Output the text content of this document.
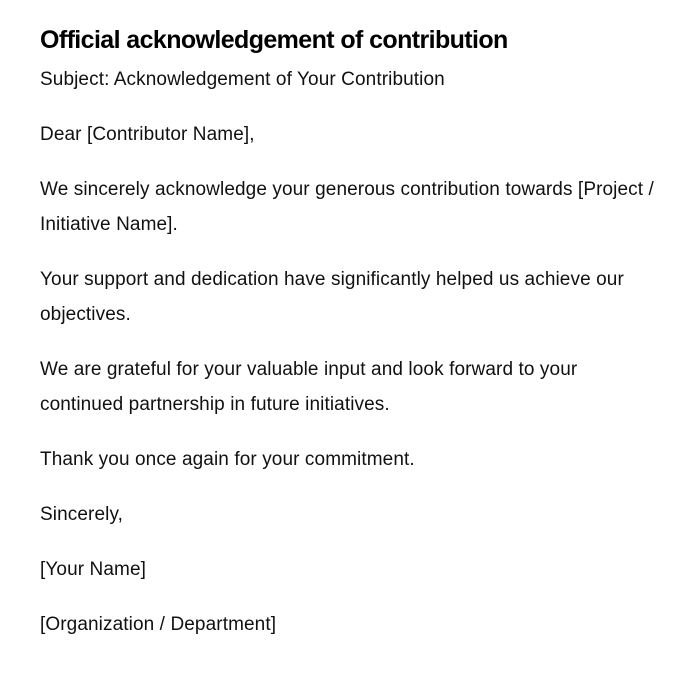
Official acknowledgement of contribution

Subject: Acknowledgement of Your Contribution

Dear [Contributor Name],

We sincerely acknowledge your generous contribution towards [Project / Initiative Name].

Your support and dedication have significantly helped us achieve our objectives.

We are grateful for your valuable input and look forward to your continued partnership in future initiatives.

Thank you once again for your commitment.

Sincerely,

[Your Name]

[Organization / Department]
